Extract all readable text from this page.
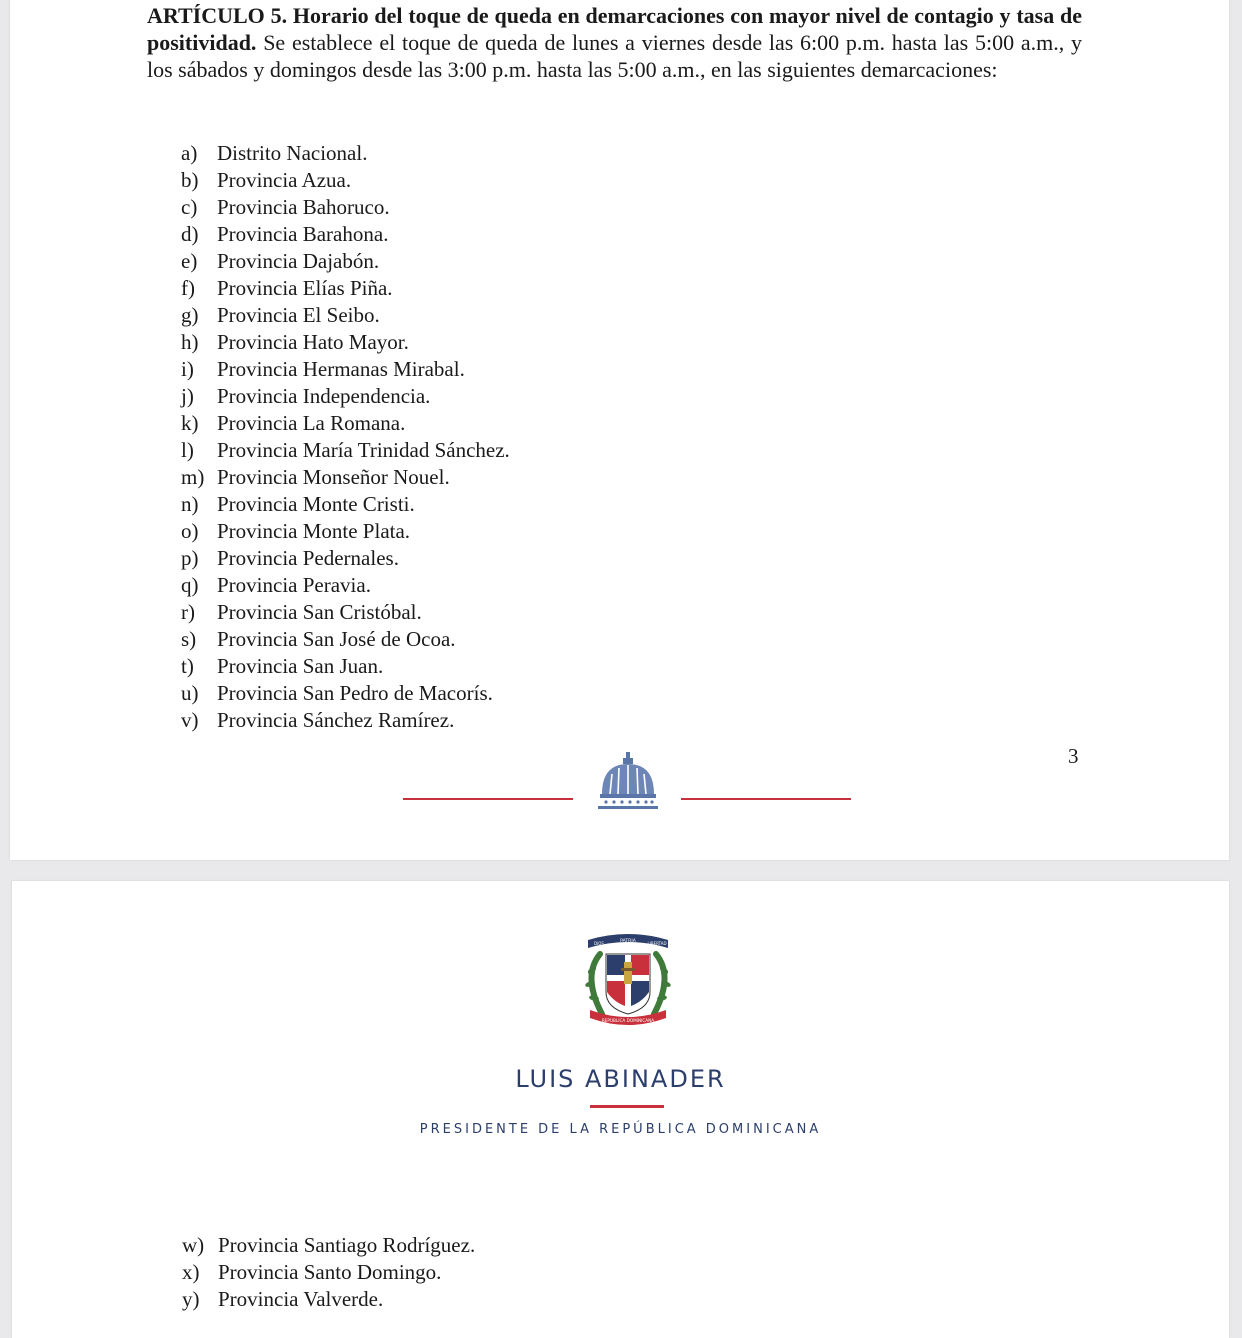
ARTÍCULO 5. Horario del toque de queda en demarcaciones con mayor nivel de contagio y tasa de positividad. Se establece el toque de queda de lunes a viernes desde las 6:00 p.m. hasta las 5:00 a.m., y los sábados y domingos desde las 3:00 p.m. hasta las 5:00 a.m., en las siguientes demarcaciones:

a) Distrito Nacional.
b) Provincia Azua.
c) Provincia Bahoruco.
d) Provincia Barahona.
e) Provincia Dajabón.
f) Provincia Elías Piña.
g) Provincia El Seibo.
h) Provincia Hato Mayor.
i) Provincia Hermanas Mirabal.
j) Provincia Independencia.
k) Provincia La Romana.
l) Provincia María Trinidad Sánchez.
m) Provincia Monseñor Nouel.
n) Provincia Monte Cristi.
o) Provincia Monte Plata.
p) Provincia Pedernales.
q) Provincia Peravia.
r) Provincia San Cristóbal.
s) Provincia San José de Ocoa.
t) Provincia San Juan.
u) Provincia San Pedro de Macorís.
v) Provincia Sánchez Ramírez.
3
PATRIA
DIOS	LIBERTAD
REPÚBLICA DOMINICANA
LUIS ABINADER
PRESIDENTE DE LA REPÚBLICA DOMINICANA
w) Provincia Santiago Rodríguez.
x) Provincia Santo Domingo.
y) Provincia Valverde.
